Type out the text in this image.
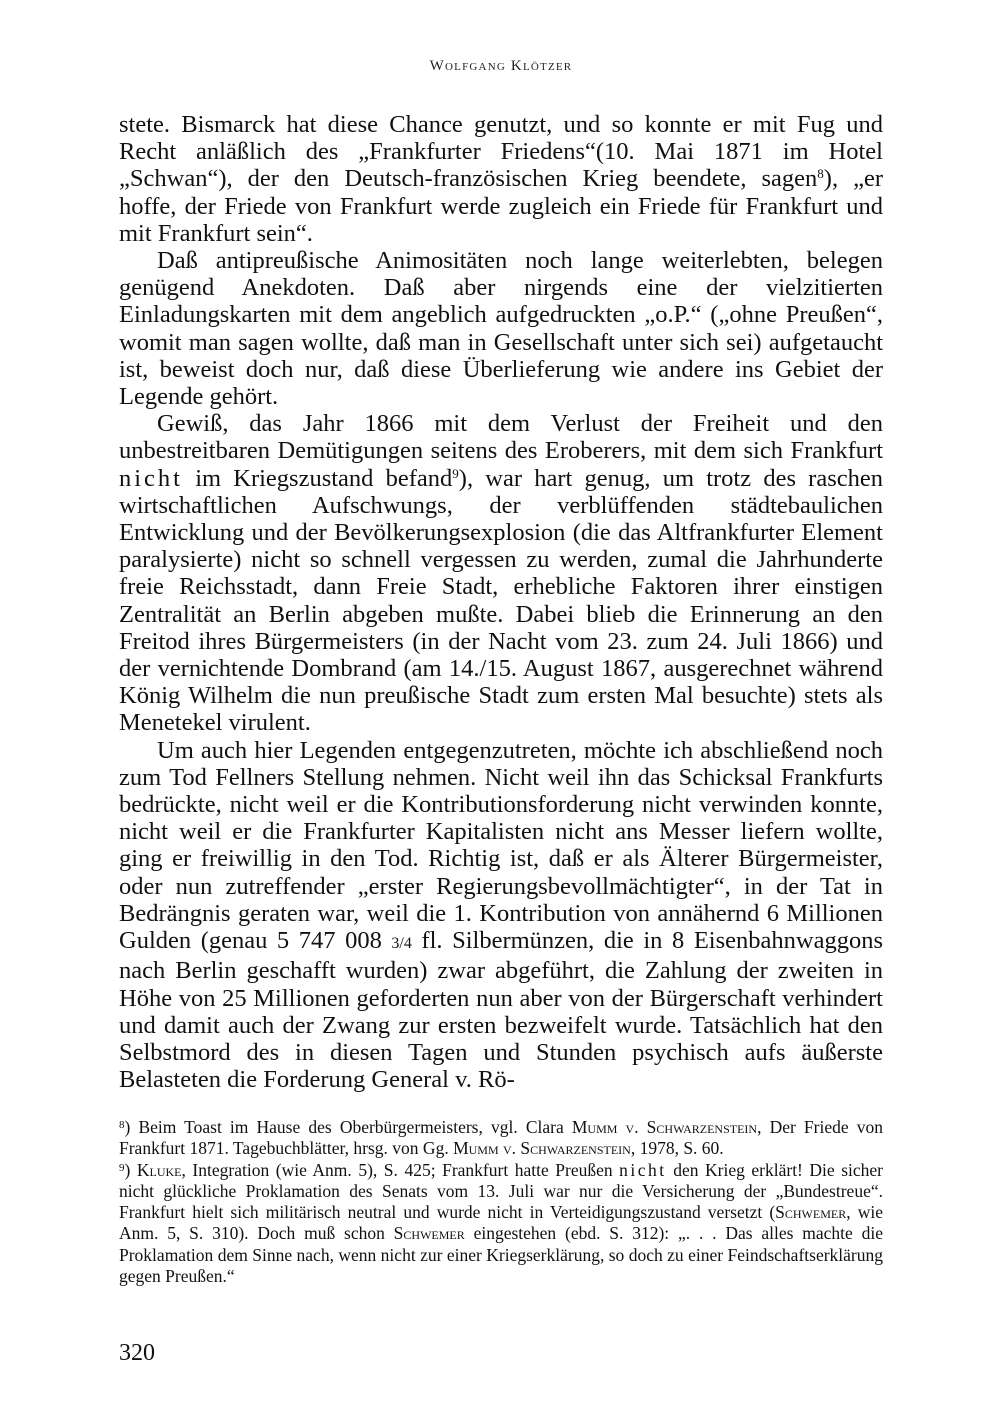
Wolfgang Klötzer

stete. Bismarck hat diese Chance genutzt, und so konnte er mit Fug und Recht anläßlich des „Frankfurter Friedens“(10. Mai 1871 im Hotel „Schwan“), der den Deutsch-französischen Krieg beendete, sagen$^8$), „er hoffe, der Friede von Frankfurt werde zugleich ein Friede für Frankfurt und mit Frankfurt sein“.

Daß antipreußische Animositäten noch lange weiterlebten, belegen genügend Anekdoten. Daß aber nirgends eine der vielzitierten Einladungskarten mit dem angeblich aufgedruckten „o.P.“ („ohne Preußen“, womit man sagen wollte, daß man in Gesellschaft unter sich sei) aufgetaucht ist, beweist doch nur, daß diese Überlieferung wie andere ins Gebiet der Legende gehört.

Gewiß, das Jahr 1866 mit dem Verlust der Freiheit und den unbestreitbaren Demütigungen seitens des Eroberers, mit dem sich Frankfurt nicht im Kriegszustand befand$^9$), war hart genug, um trotz des raschen wirtschaftlichen Aufschwungs, der verblüffenden städtebaulichen Entwicklung und der Bevölkerungsexplosion (die das Altfrankfurter Element paralysierte) nicht so schnell vergessen zu werden, zumal die Jahrhunderte freie Reichsstadt, dann Freie Stadt, erhebliche Faktoren ihrer einstigen Zentralität an Berlin abgeben mußte. Dabei blieb die Erinnerung an den Freitod ihres Bürgermeisters (in der Nacht vom 23. zum 24. Juli 1866) und der vernichtende Dombrand (am 14./15. August 1867, ausgerechnet während König Wilhelm die nun preußische Stadt zum ersten Mal besuchte) stets als Menetekel virulent.

Um auch hier Legenden entgegenzutreten, möchte ich abschließend noch zum Tod Fellners Stellung nehmen. Nicht weil ihn das Schicksal Frankfurts bedrückte, nicht weil er die Kontributionsforderung nicht verwinden konnte, nicht weil er die Frankfurter Kapitalisten nicht ans Messer liefern wollte, ging er freiwillig in den Tod. Richtig ist, daß er als Älterer Bürgermeister, oder nun zutreffender „erster Regierungsbevollmächtigter“, in der Tat in Bedrängnis geraten war, weil die 1. Kontribution von annähernd 6 Millionen Gulden (genau 5 747 008 3/4 fl. Silbermünzen, die in 8 Eisenbahnwaggons nach Berlin geschafft wurden) zwar abgeführt, die Zahlung der zweiten in Höhe von 25 Millionen geforderten nun aber von der Bürgerschaft verhindert und damit auch der Zwang zur ersten bezweifelt wurde. Tatsächlich hat den Selbstmord des in diesen Tagen und Stunden psychisch aufs äußerste Belasteten die Forderung General v. Rö-

$^8$) Beim Toast im Hause des Oberbürgermeisters, vgl. Clara Mumm v. Schwarzenstein, Der Friede von Frankfurt 1871. Tagebuchblätter, hrsg. von Gg. Mumm v. Schwarzenstein, 1978, S. 60.

$^9$) Kluke, Integration (wie Anm. 5), S. 425; Frankfurt hatte Preußen nicht den Krieg erklärt! Die sicher nicht glückliche Proklamation des Senats vom 13. Juli war nur die Versicherung der „Bundestreue“. Frankfurt hielt sich militärisch neutral und wurde nicht in Verteidigungszustand versetzt (Schwemer, wie Anm. 5, S. 310). Doch muß schon Schwemer eingestehen (ebd. S. 312): „. . . Das alles machte die Proklamation dem Sinne nach, wenn nicht zur einer Kriegserklärung, so doch zu einer Feindschaftserklärung gegen Preußen.“

320
